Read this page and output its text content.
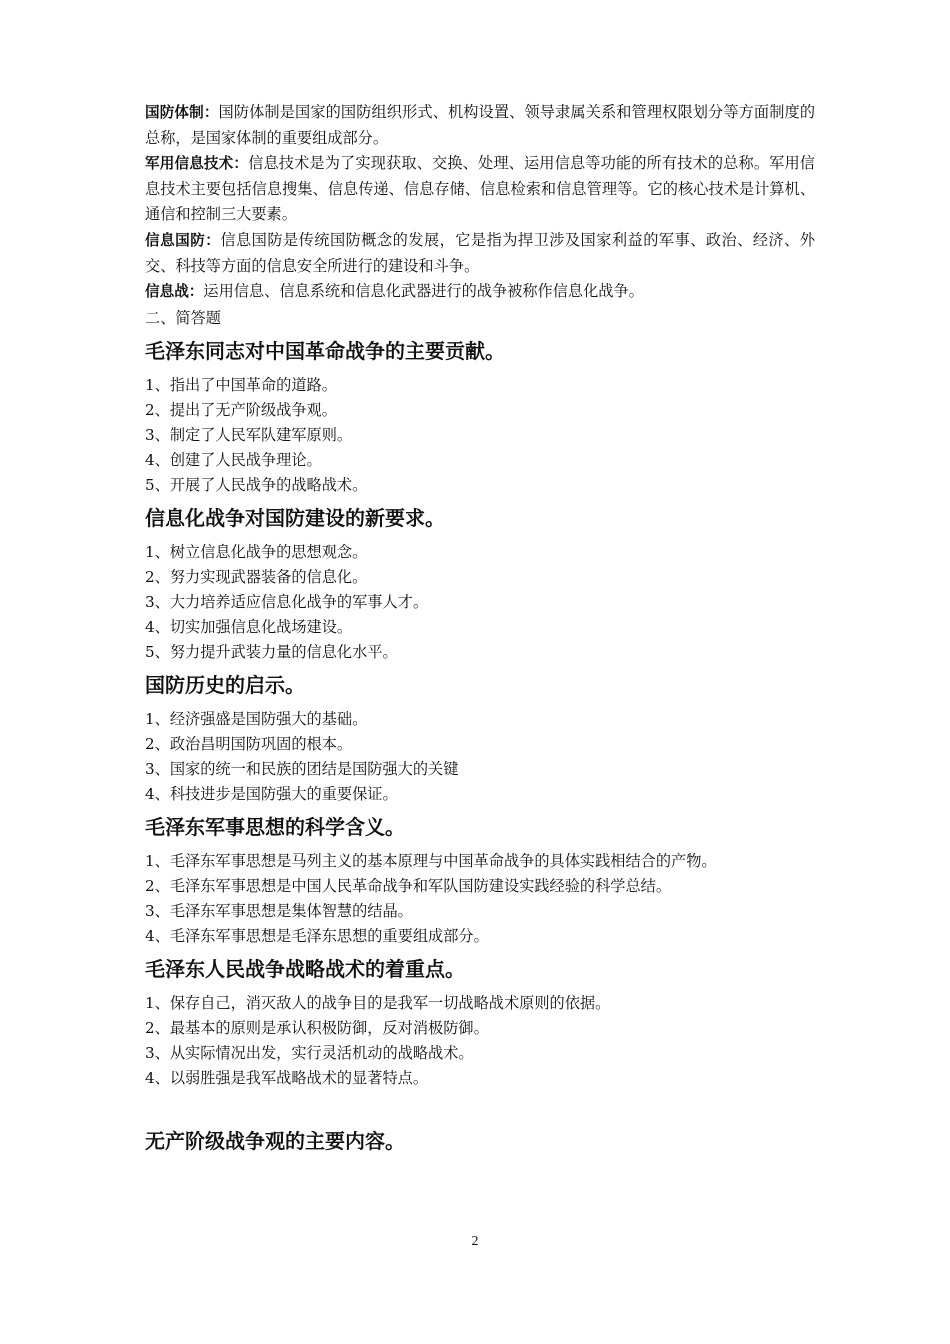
国防体制：国防体制是国家的国防组织形式、机构设置、领导隶属关系和管理权限划分等方面制度的总称，是国家体制的重要组成部分。

军用信息技术：信息技术是为了实现获取、交换、处理、运用信息等功能的所有技术的总称。军用信息技术主要包括信息搜集、信息传递、信息存储、信息检索和信息管理等。它的核心技术是计算机、通信和控制三大要素。

信息国防：信息国防是传统国防概念的发展，它是指为捍卫涉及国家利益的军事、政治、经济、外交、科技等方面的信息安全所进行的建设和斗争。

信息战：运用信息、信息系统和信息化武器进行的战争被称作信息化战争。

二、简答题

毛泽东同志对中国革命战争的主要贡献。
1、指出了中国革命的道路。
2、提出了无产阶级战争观。
3、制定了人民军队建军原则。
4、创建了人民战争理论。
5、开展了人民战争的战略战术。
信息化战争对国防建设的新要求。
1、树立信息化战争的思想观念。
2、努力实现武器装备的信息化。
3、大力培养适应信息化战争的军事人才。
4、切实加强信息化战场建设。
5、努力提升武装力量的信息化水平。
国防历史的启示。
1、经济强盛是国防强大的基础。
2、政治昌明国防巩固的根本。
3、国家的统一和民族的团结是国防强大的关键
4、科技进步是国防强大的重要保证。
毛泽东军事思想的科学含义。
1、毛泽东军事思想是马列主义的基本原理与中国革命战争的具体实践相结合的产物。
2、毛泽东军事思想是中国人民革命战争和军队国防建设实践经验的科学总结。
3、毛泽东军事思想是集体智慧的结晶。
4、毛泽东军事思想是毛泽东思想的重要组成部分。
毛泽东人民战争战略战术的着重点。
1、保存自己，消灭敌人的战争目的是我军一切战略战术原则的依据。
2、最基本的原则是承认积极防御，反对消极防御。
3、从实际情况出发，实行灵活机动的战略战术。
4、以弱胜强是我军战略战术的显著特点。
无产阶级战争观的主要内容。
2
